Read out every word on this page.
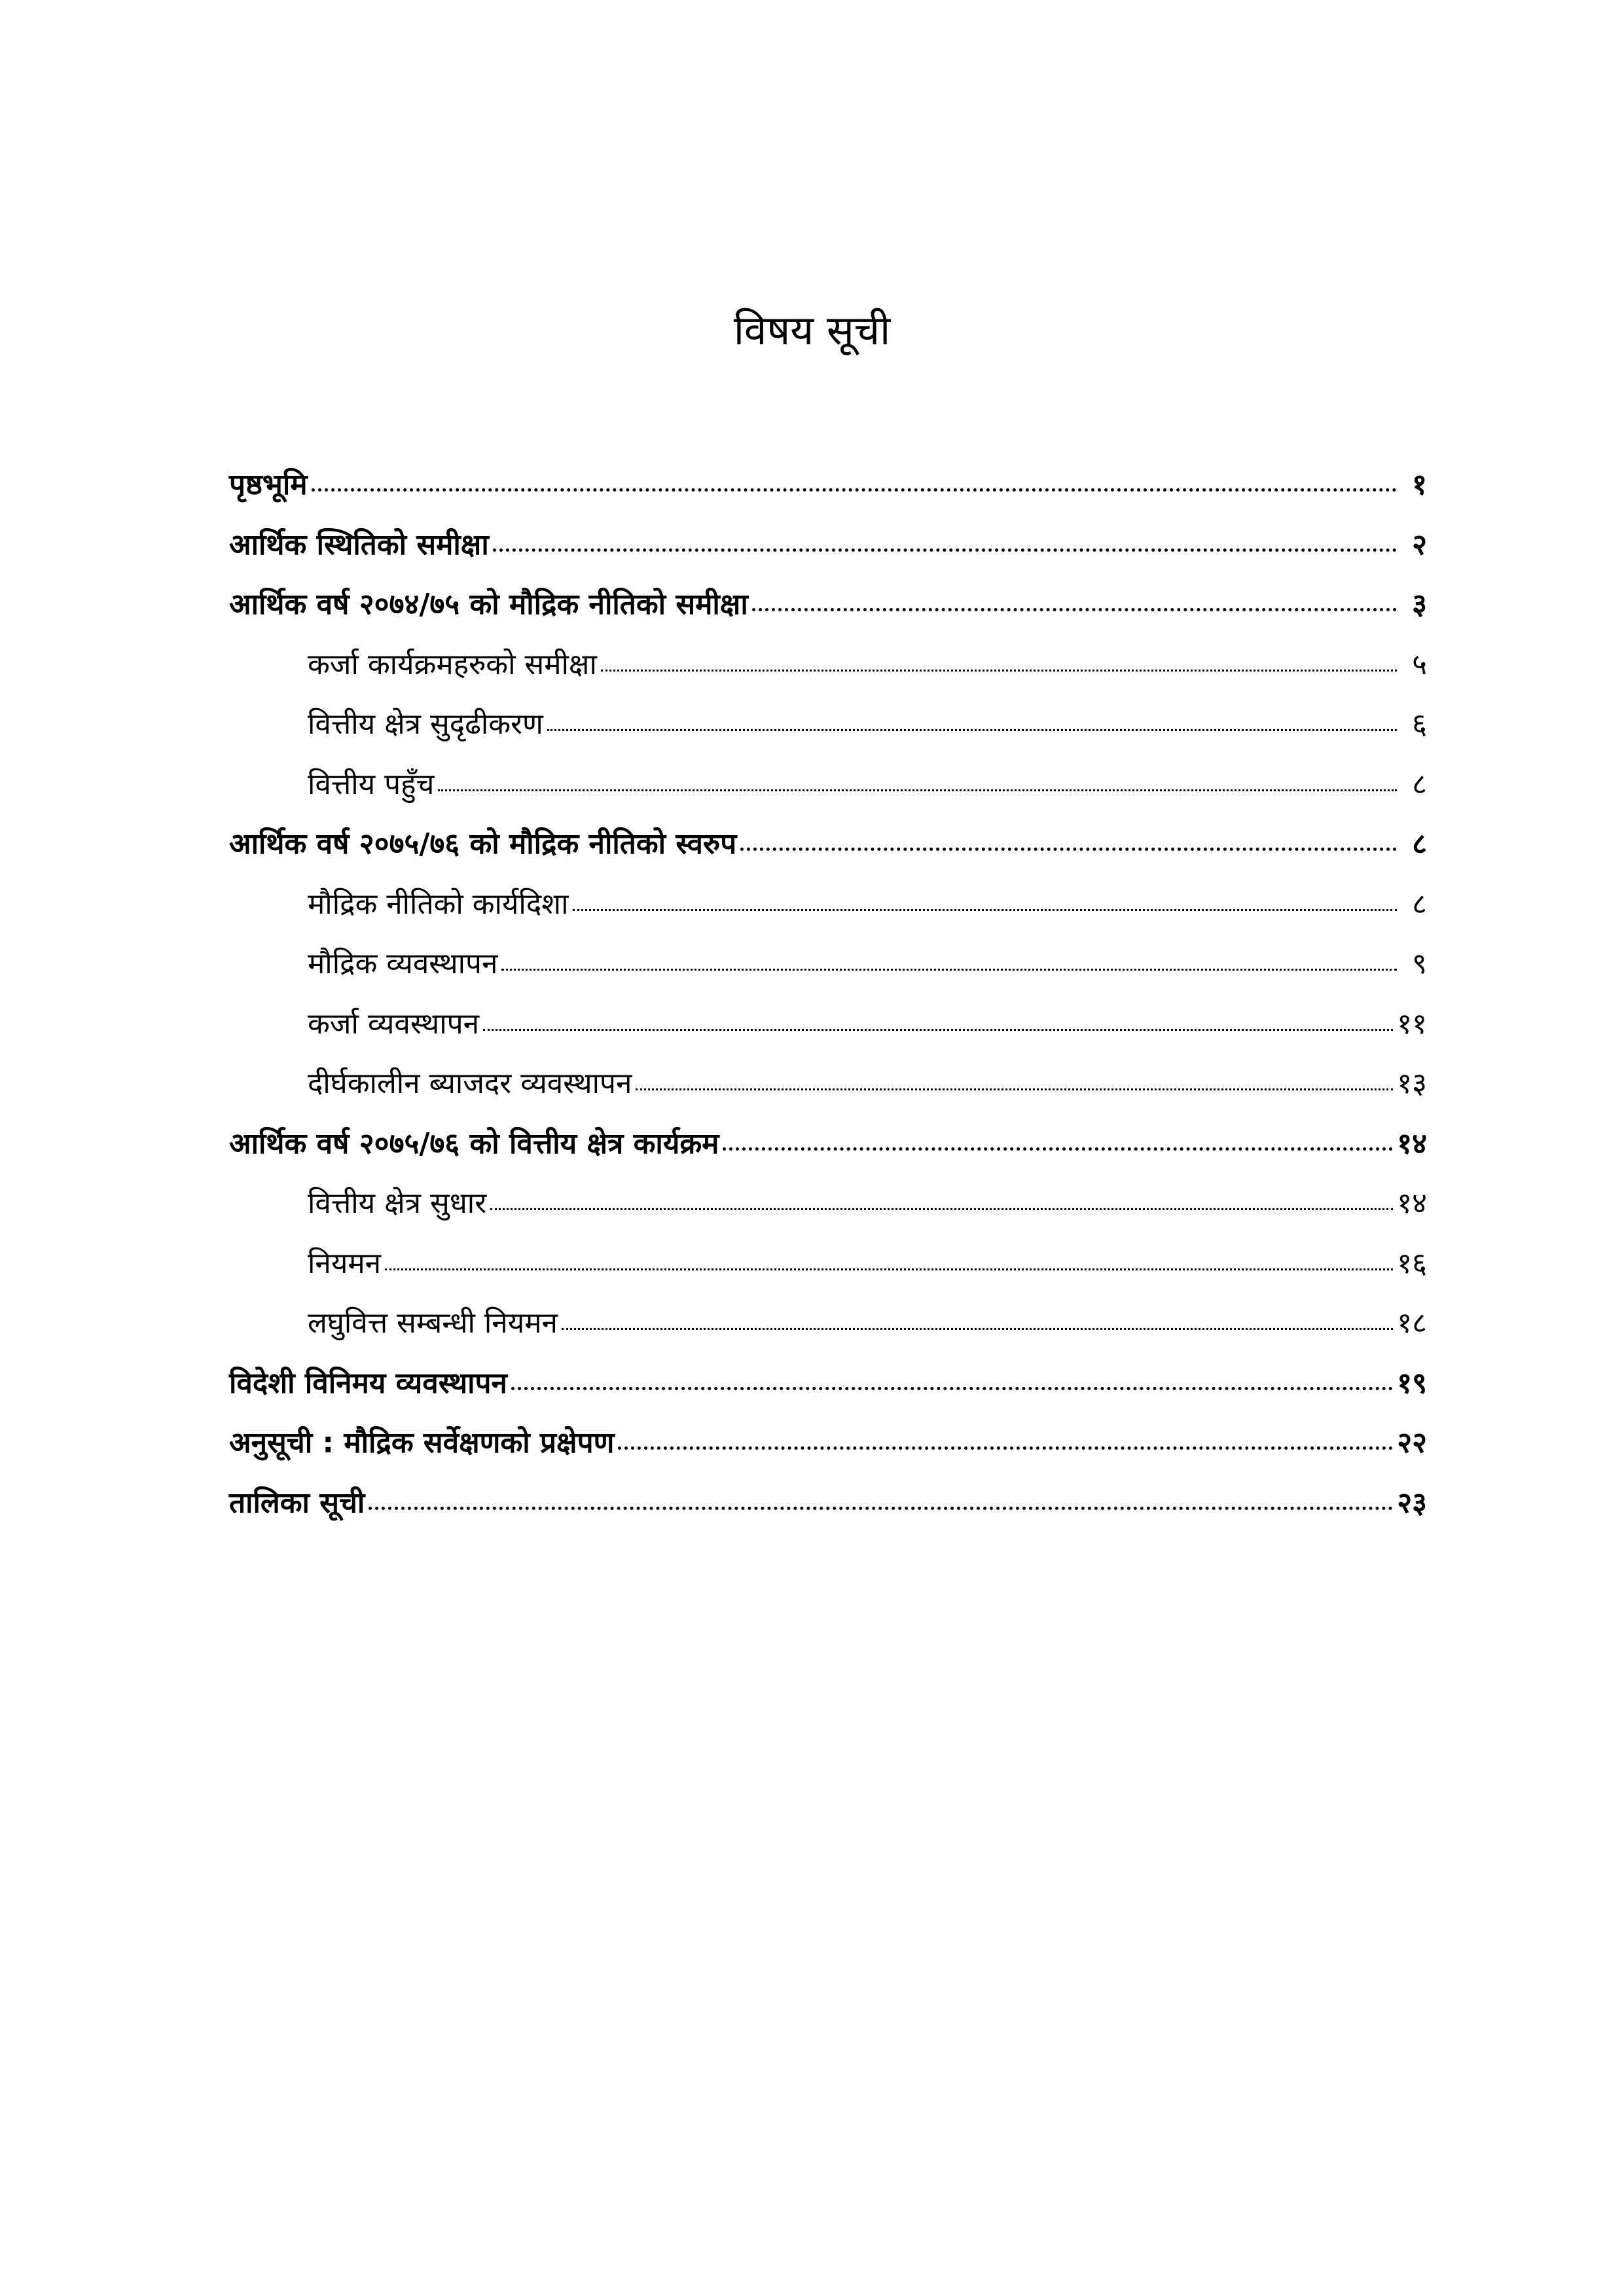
विषय सूची
पृष्ठभूमि	१
आर्थिक स्थितिको समीक्षा	२
आर्थिक वर्ष २०७४/७५ को मौद्रिक नीतिको समीक्षा	३
कर्जा कार्यक्रमहरुको समीक्षा	५
वित्तीय क्षेत्र सुदृढीकरण	६
वित्तीय पहुँच	८
आर्थिक वर्ष २०७५/७६ को मौद्रिक नीतिको स्वरुप	८
मौद्रिक नीतिको कार्यदिशा	८
मौद्रिक व्यवस्थापन	९
कर्जा व्यवस्थापन	११
दीर्घकालीन ब्याजदर व्यवस्थापन	१३
आर्थिक वर्ष २०७५/७६ को वित्तीय क्षेत्र कार्यक्रम	१४
वित्तीय क्षेत्र सुधार	१४
नियमन	१६
लघुवित्त सम्बन्धी नियमन	१८
विदेशी विनिमय व्यवस्थापन	१९
अनुसूची : मौद्रिक सर्वेक्षणको प्रक्षेपण	२२
तालिका सूची	२३
